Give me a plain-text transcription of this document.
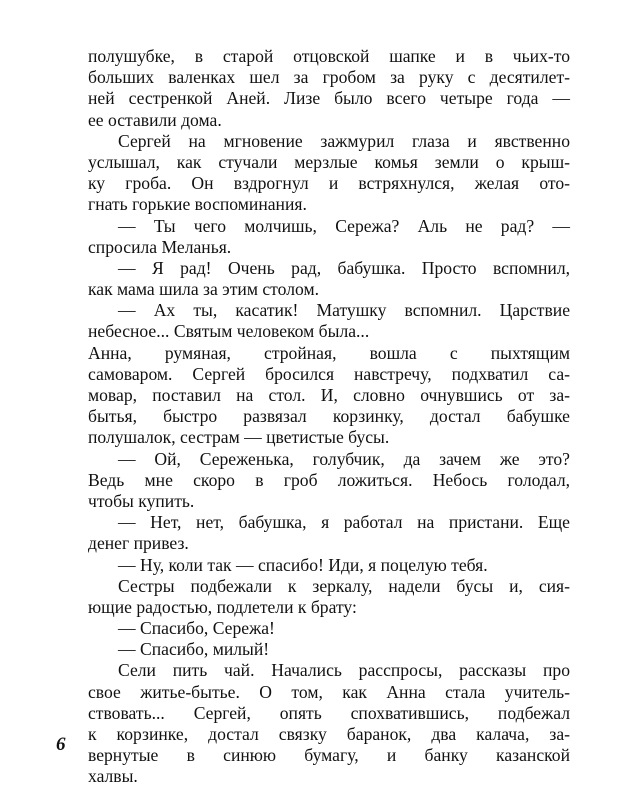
полушубке, в старой отцовской шапке и в чьих-то
больших валенках шел за гробом за руку с десятилет-
ней сестренкой Аней. Лизе было всего четыре года —
ее оставили дома.
Сергей на мгновение зажмурил глаза и явственно
услышал, как стучали мерзлые комья земли о крыш-
ку гроба. Он вздрогнул и встряхнулся, желая ото-
гнать горькие воспоминания.
— Ты чего молчишь, Сережа? Аль не рад? —
спросила Меланья.
— Я рад! Очень рад, бабушка. Просто вспомнил,
как мама шила за этим столом.
— Ах ты, касатик! Матушку вспомнил. Царствие
небесное... Святым человеком была...
Анна, румяная, стройная, вошла с пыхтящим
самоваром. Сергей бросился навстречу, подхватил са-
мовар, поставил на стол. И, словно очнувшись от за-
бытья, быстро развязал корзинку, достал бабушке
полушалок, сестрам — цветистые бусы.
— Ой, Сереженька, голубчик, да зачем же это?
Ведь мне скоро в гроб ложиться. Небось голодал,
чтобы купить.
— Нет, нет, бабушка, я работал на пристани. Еще
денег привез.
— Ну, коли так — спасибо! Иди, я поцелую тебя.
Сестры подбежали к зеркалу, надели бусы и, сия-
ющие радостью, подлетели к брату:
— Спасибо, Сережа!
— Спасибо, милый!
Сели пить чай. Начались расспросы, рассказы про
свое житье-бытье. О том, как Анна стала учитель-
ствовать... Сергей, опять спохватившись, подбежал
к корзинке, достал связку баранок, два калача, за-
вернутые в синюю бумагу, и банку казанской
халвы.
6
